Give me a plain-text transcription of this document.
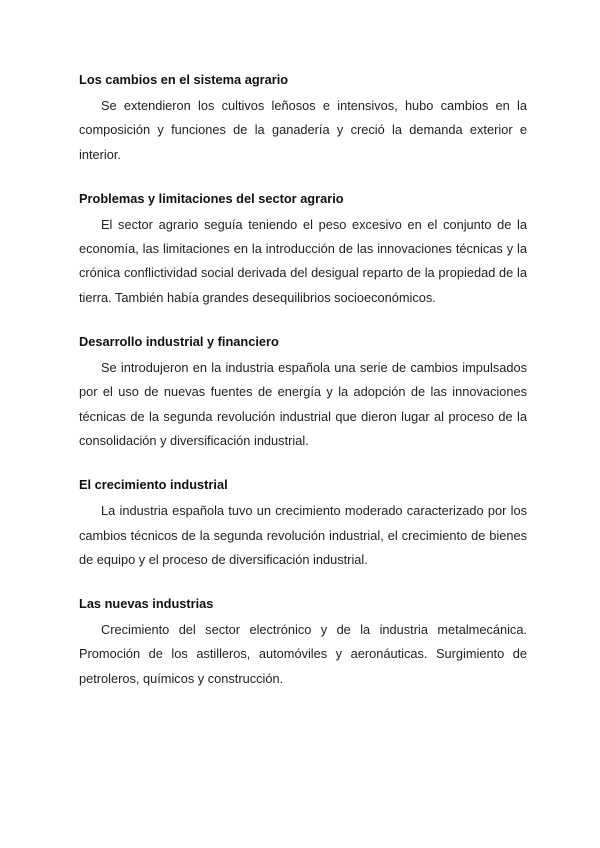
Los cambios en el sistema agrario

Se extendieron los cultivos leñosos e intensivos, hubo cambios en la composición y funciones de la ganadería y creció la demanda exterior e interior.

Problemas y limitaciones del sector agrario

El sector agrario seguía teniendo el peso excesivo en el conjunto de la economía, las limitaciones en la introducción de las innovaciones técnicas y la crónica conflictividad social derivada del desigual reparto de la propiedad de la tierra. También había grandes desequilibrios socioeconómicos.

Desarrollo industrial y financiero

Se introdujeron en la industria española una serie de cambios impulsados por el uso de nuevas fuentes de energía y la adopción de las innovaciones técnicas de la segunda revolución industrial que dieron lugar al proceso de la consolidación y diversificación industrial.

El crecimiento industrial

La industria española tuvo un crecimiento moderado caracterizado por los cambios técnicos de la segunda revolución industrial, el crecimiento de bienes de equipo y el proceso de diversificación industrial.

Las nuevas industrias

Crecimiento del sector electrónico y de la industria metalmecánica. Promoción de los astilleros, automóviles y aeronáuticas. Surgimiento de petroleros, químicos y construcción.
